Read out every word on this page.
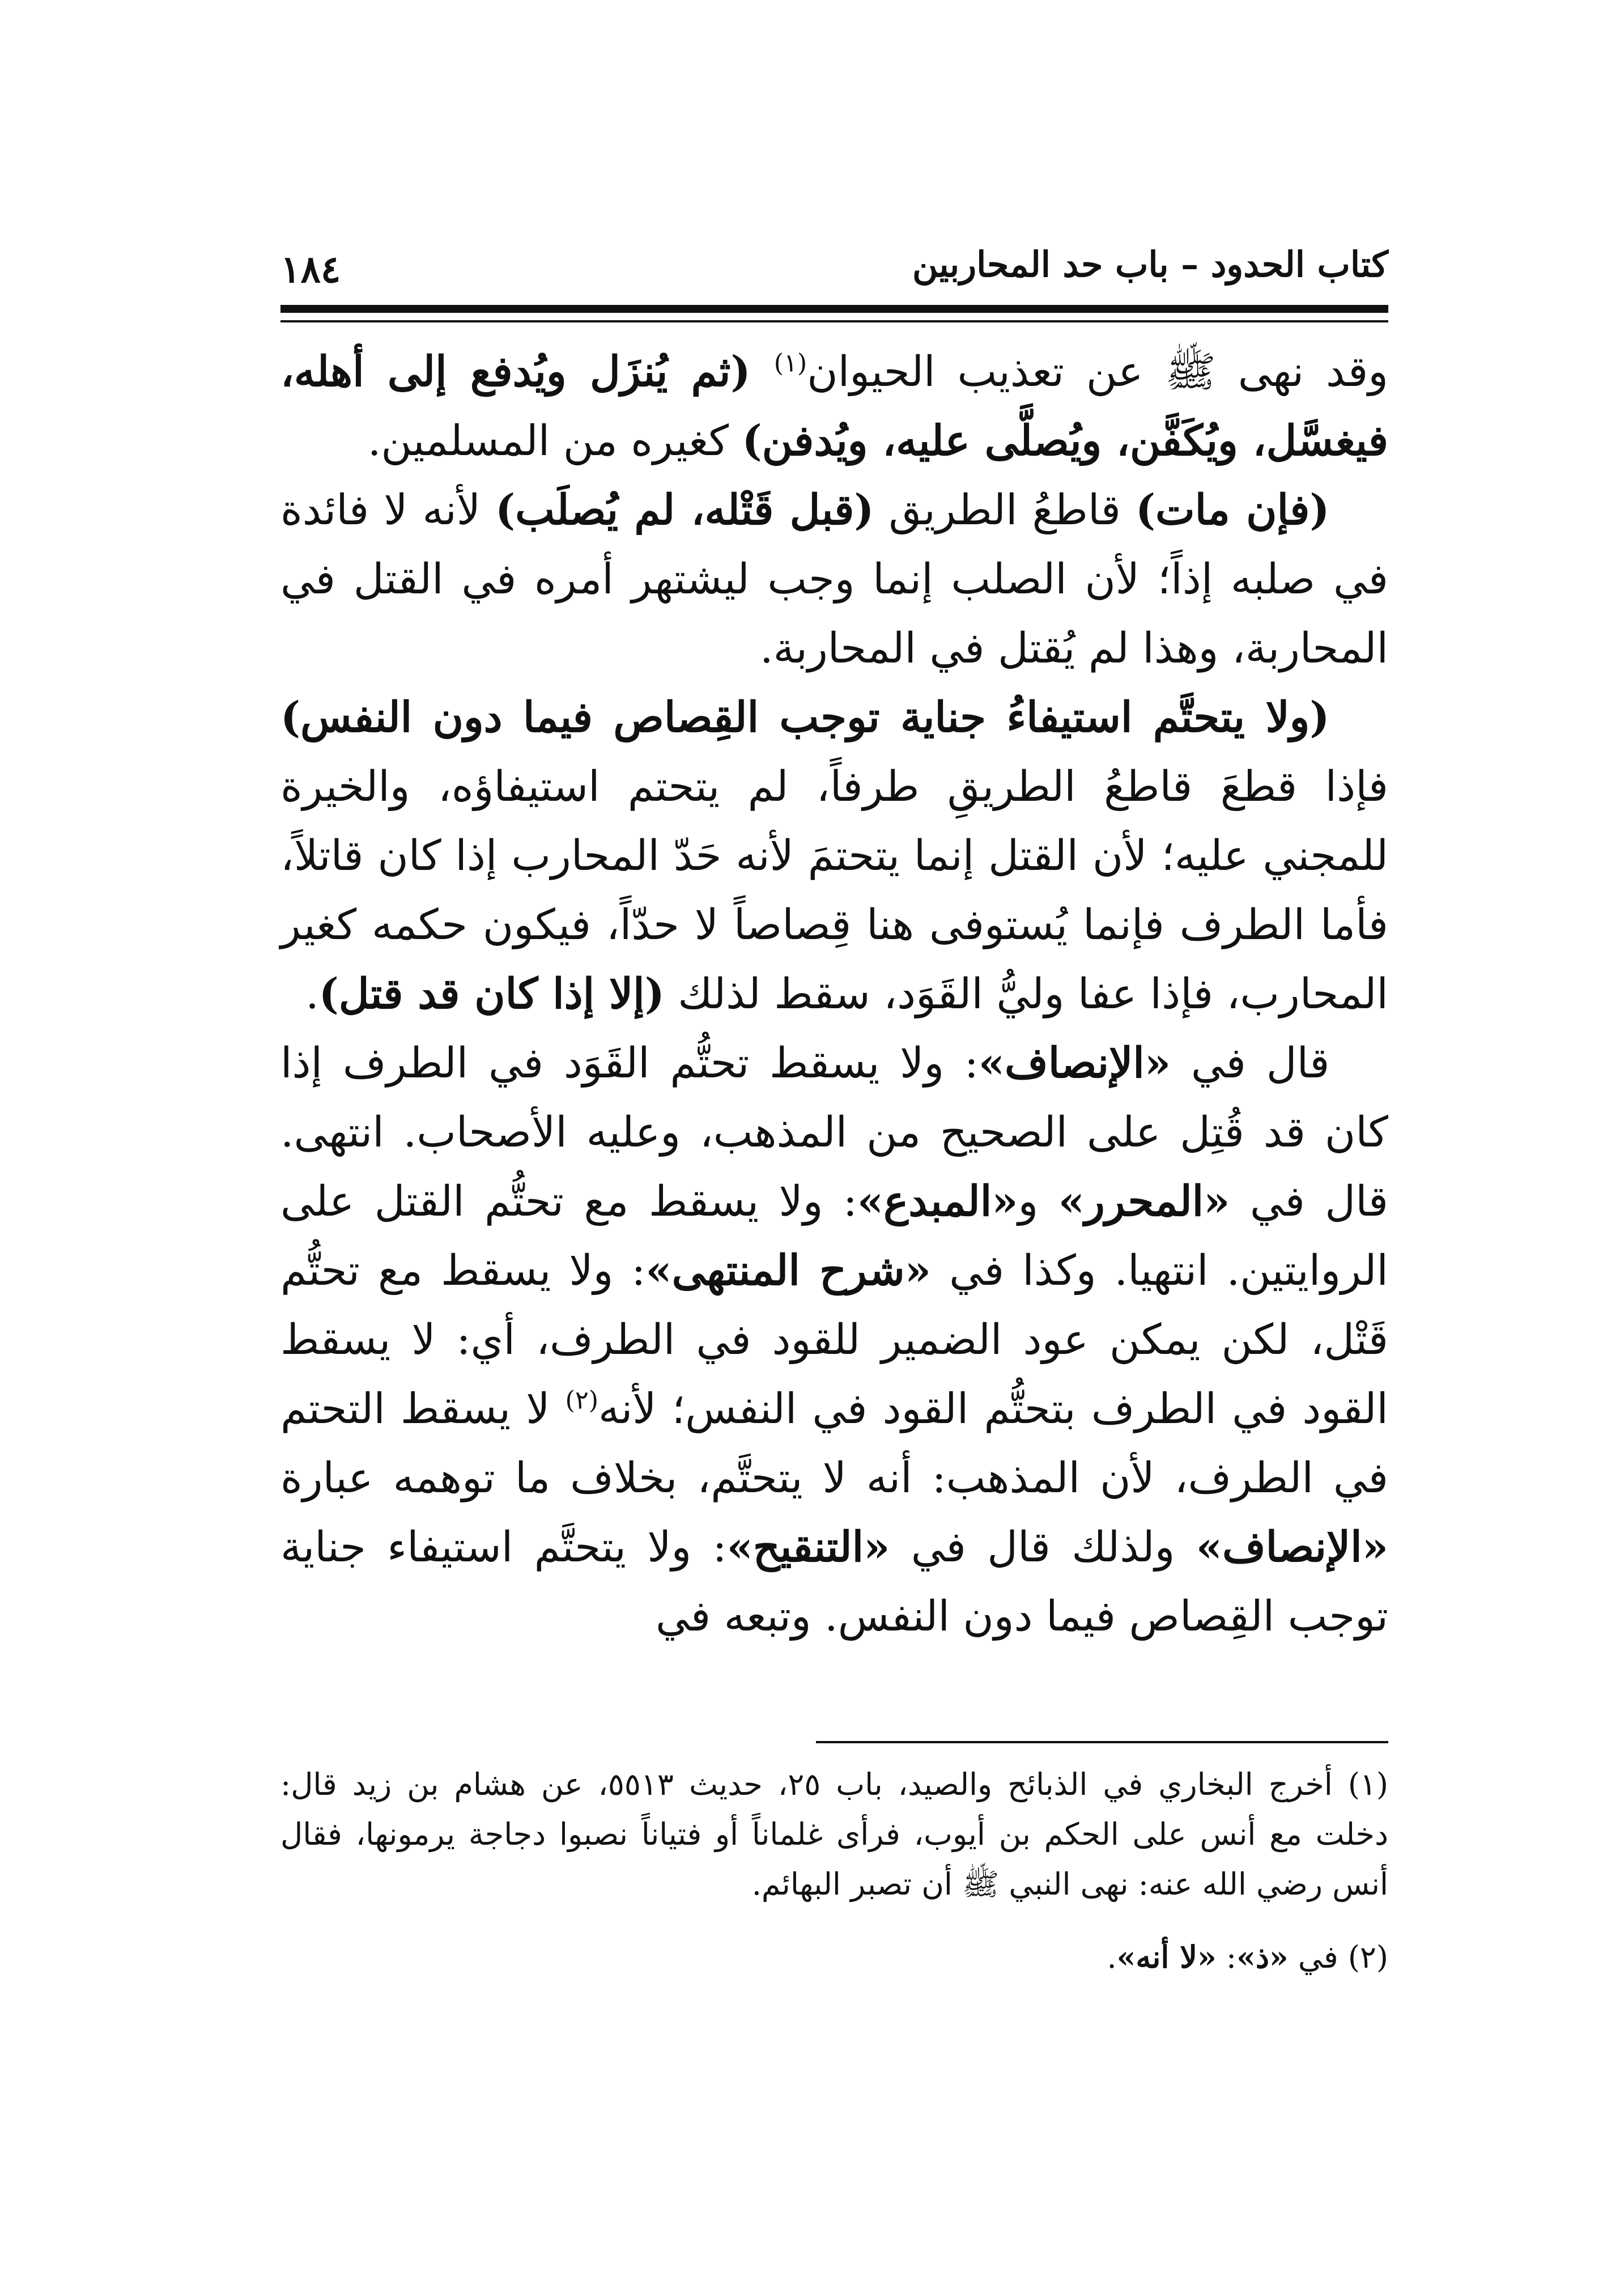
كتاب الحدود – باب حد المحاربين
١٨٤

وقد نهى ﷺ عن تعذيب الحيوان$^{(١)}$ (ثم يُنزَل ويُدفع إلى أهله، فيغسَّل، ويُكَفَّن، ويُصلَّى عليه، ويُدفن) كغيره من المسلمين.

(فإن مات) قاطعُ الطريق (قبل قَتْله، لم يُصلَب) لأنه لا فائدة في صلبه إذاً؛ لأن الصلب إنما وجب ليشتهر أمره في القتل في المحاربة، وهذا لم يُقتل في المحاربة.

(ولا يتحتَّم استيفاءُ جناية توجب القِصاص فيما دون النفس) فإذا قطعَ قاطعُ الطريقِ طرفاً، لم يتحتم استيفاؤه، والخيرة للمجني عليه؛ لأن القتل إنما يتحتمَ لأنه حَدّ المحارب إذا كان قاتلاً، فأما الطرف فإنما يُستوفى هنا قِصاصاً لا حدّاً، فيكون حكمه كغير المحارب، فإذا عفا وليُّ القَوَد، سقط لذلك (إلا إذا كان قد قتل).

قال في «الإنصاف»: ولا يسقط تحتُّم القَوَد في الطرف إذا كان قد قُتِل على الصحيح من المذهب، وعليه الأصحاب. انتهى. قال في «المحرر» و«المبدع»: ولا يسقط مع تحتُّم القتل على الروايتين. انتهيا. وكذا في «شرح المنتهى»: ولا يسقط مع تحتُّم قَتْل، لكن يمكن عود الضمير للقود في الطرف، أي: لا يسقط القود في الطرف بتحتُّم القود في النفس؛ لأنه$^{(٢)}$ لا يسقط التحتم في الطرف، لأن المذهب: أنه لا يتحتَّم، بخلاف ما توهمه عبارة «الإنصاف» ولذلك قال في «التنقيح»: ولا يتحتَّم استيفاء جناية توجب القِصاص فيما دون النفس. وتبعه في

(١) أخرج البخاري في الذبائح والصيد، باب ٢٥، حديث ٥٥١٣، عن هشام بن زيد قال: دخلت مع أنس على الحكم بن أيوب، فرأى غلماناً أو فتياناً نصبوا دجاجة يرمونها، فقال أنس رضي الله عنه: نهى النبي ﷺ أن تصبر البهائم.

(٢) في «ذ»: «لا أنه».
